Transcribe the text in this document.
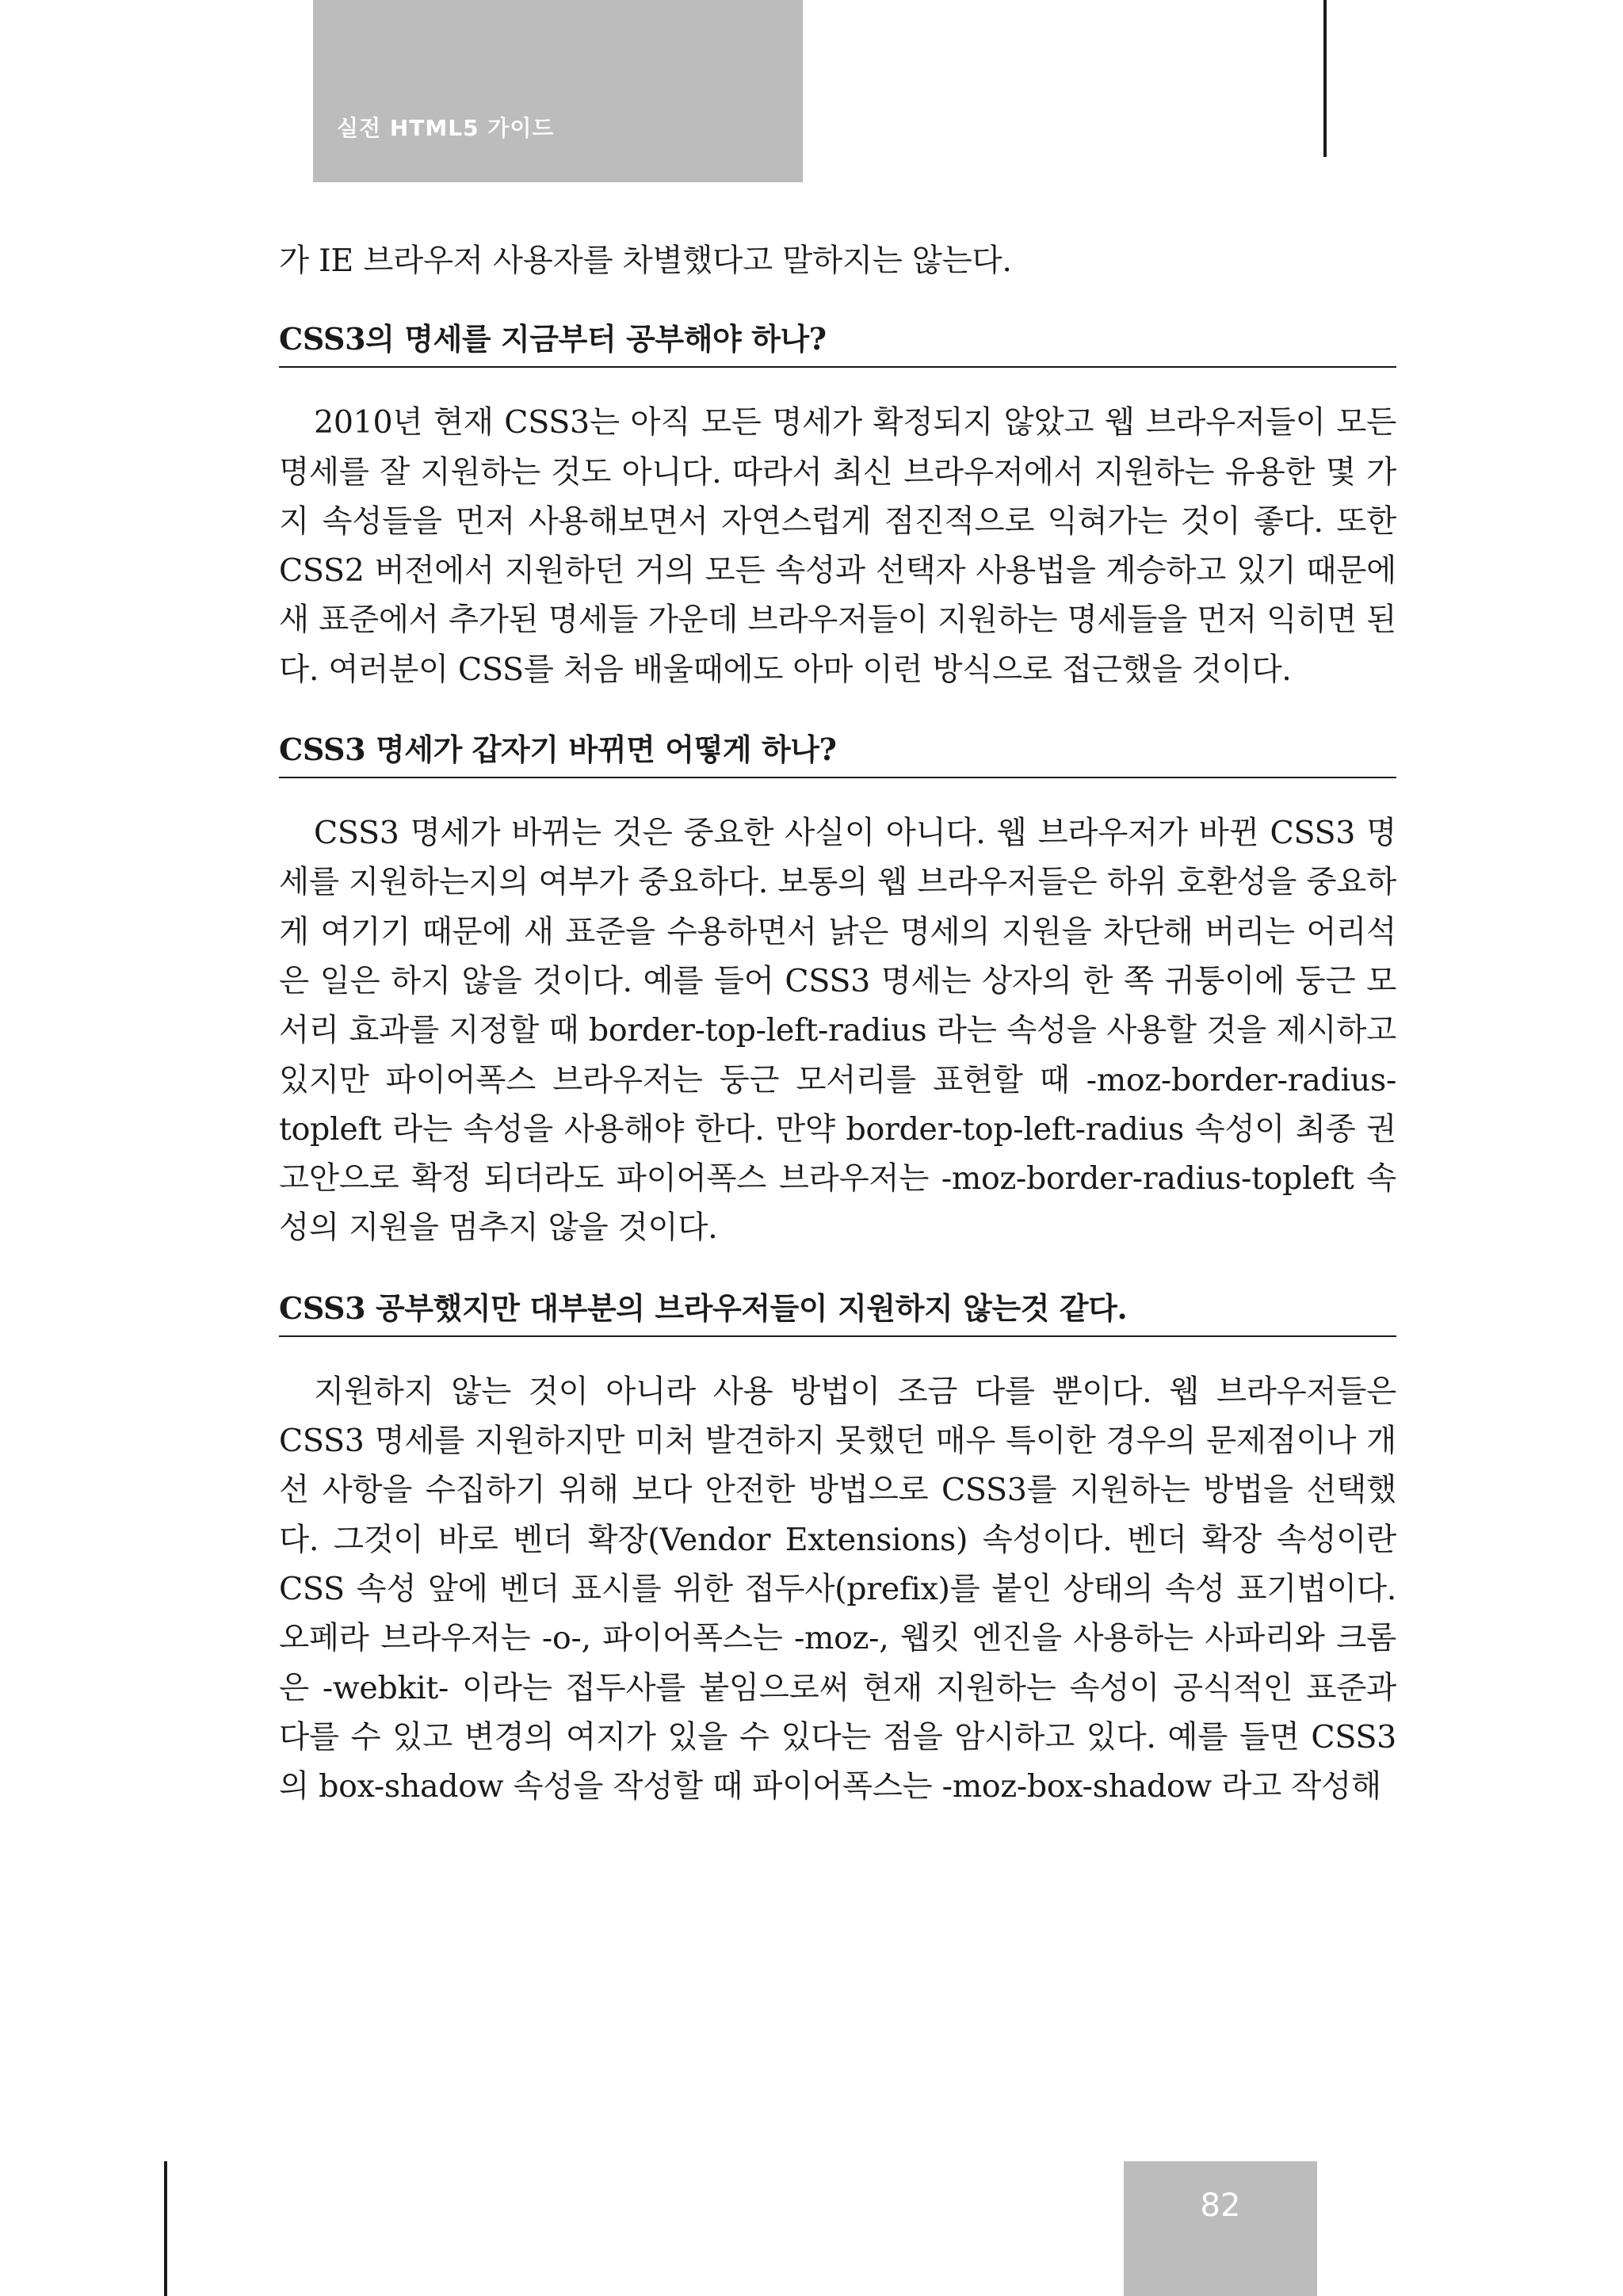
실전 HTML5 가이드

가 IE 브라우저 사용자를 차별했다고 말하지는 않는다.

CSS3의 명세를 지금부터 공부해야 하나?

2010년 현재 CSS3는 아직 모든 명세가 확정되지 않았고 웹 브라우저들이 모든 명세를 잘 지원하는 것도 아니다. 따라서 최신 브라우저에서 지원하는 유용한 몇 가지 속성들을 먼저 사용해보면서 자연스럽게 점진적으로 익혀가는 것이 좋다. 또한 CSS2 버전에서 지원하던 거의 모든 속성과 선택자 사용법을 계승하고 있기 때문에 새 표준에서 추가된 명세들 가운데 브라우저들이 지원하는 명세들을 먼저 익히면 된다. 여러분이 CSS를 처음 배울때에도 아마 이런 방식으로 접근했을 것이다.

CSS3 명세가 갑자기 바뀌면 어떻게 하나?

CSS3 명세가 바뀌는 것은 중요한 사실이 아니다. 웹 브라우저가 바뀐 CSS3 명세를 지원하는지의 여부가 중요하다. 보통의 웹 브라우저들은 하위 호환성을 중요하게 여기기 때문에 새 표준을 수용하면서 낡은 명세의 지원을 차단해 버리는 어리석은 일은 하지 않을 것이다. 예를 들어 CSS3 명세는 상자의 한 쪽 귀퉁이에 둥근 모서리 효과를 지정할 때 border-top-left-radius 라는 속성을 사용할 것을 제시하고 있지만 파이어폭스 브라우저는 둥근 모서리를 표현할 때 -moz-border-radius-topleft 라는 속성을 사용해야 한다. 만약 border-top-left-radius 속성이 최종 권고안으로 확정 되더라도 파이어폭스 브라우저는 -moz-border-radius-topleft 속성의 지원을 멈추지 않을 것이다.

CSS3 공부했지만 대부분의 브라우저들이 지원하지 않는것 같다.

지원하지 않는 것이 아니라 사용 방법이 조금 다를 뿐이다. 웹 브라우저들은 CSS3 명세를 지원하지만 미처 발견하지 못했던 매우 특이한 경우의 문제점이나 개선 사항을 수집하기 위해 보다 안전한 방법으로 CSS3를 지원하는 방법을 선택했다. 그것이 바로 벤더 확장(Vendor Extensions) 속성이다. 벤더 확장 속성이란 CSS 속성 앞에 벤더 표시를 위한 접두사(prefix)를 붙인 상태의 속성 표기법이다. 오페라 브라우저는 -o-, 파이어폭스는 -moz-, 웹킷 엔진을 사용하는 사파리와 크롬은 -webkit- 이라는 접두사를 붙임으로써 현재 지원하는 속성이 공식적인 표준과 다를 수 있고 변경의 여지가 있을 수 있다는 점을 암시하고 있다. 예를 들면 CSS3의 box-shadow 속성을 작성할 때 파이어폭스는 -moz-box-shadow 라고 작성해

82
